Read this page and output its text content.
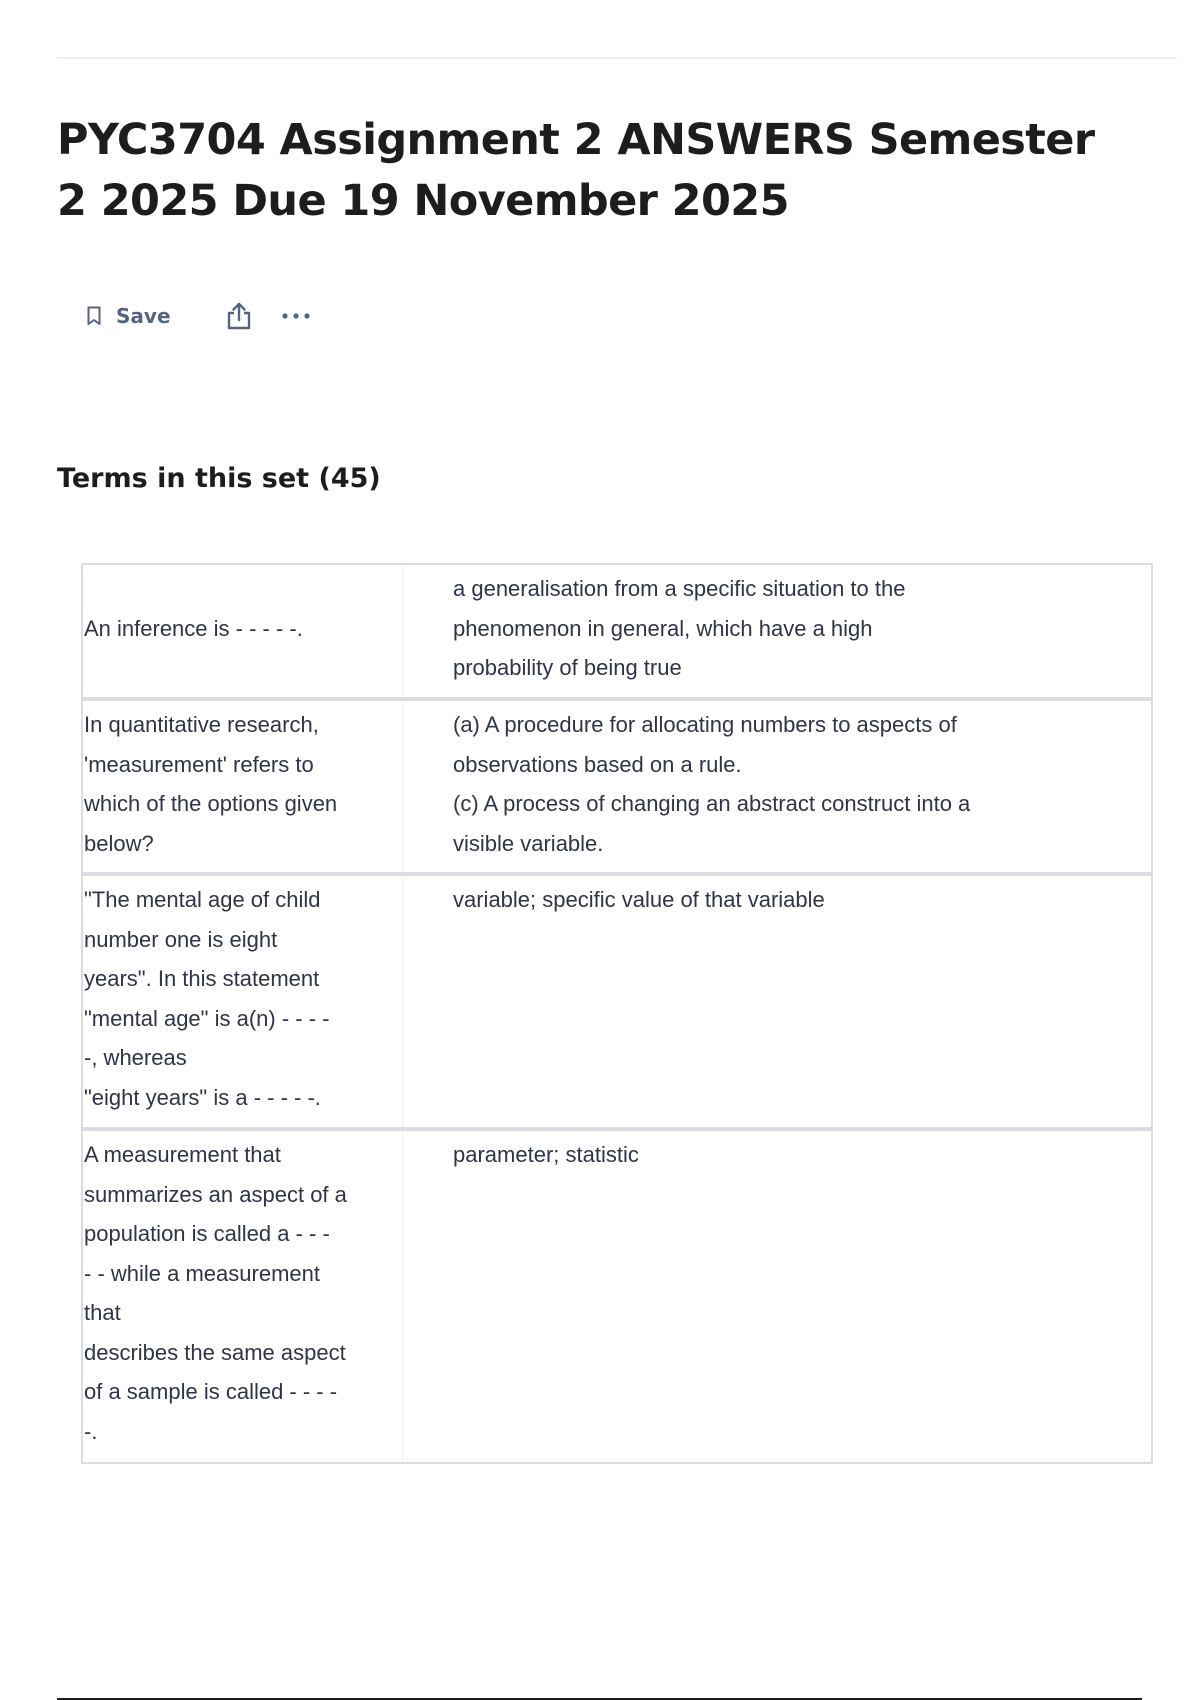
PYC3704 Assignment 2 ANSWERS Semester 2 2025 Due 19 November 2025
Save
Terms in this set (45)
An inference is - - - - -.
a generalisation from a specific situation to the
phenomenon in general, which have a high
probability of being true
In quantitative research,
'measurement' refers to
which of the options given
below?
(a) A procedure for allocating numbers to aspects of
observations based on a rule.
(c) A process of changing an abstract construct into a
visible variable.
"The mental age of child
number one is eight
years". In this statement
"mental age" is a(n) - - - -
-, whereas
"eight years" is a - - - - -.
variable; specific value of that variable
A measurement that
summarizes an aspect of a
population is called a - - -
- - while a measurement
that
describes the same aspect
of a sample is called - - - -
-.
parameter; statistic
